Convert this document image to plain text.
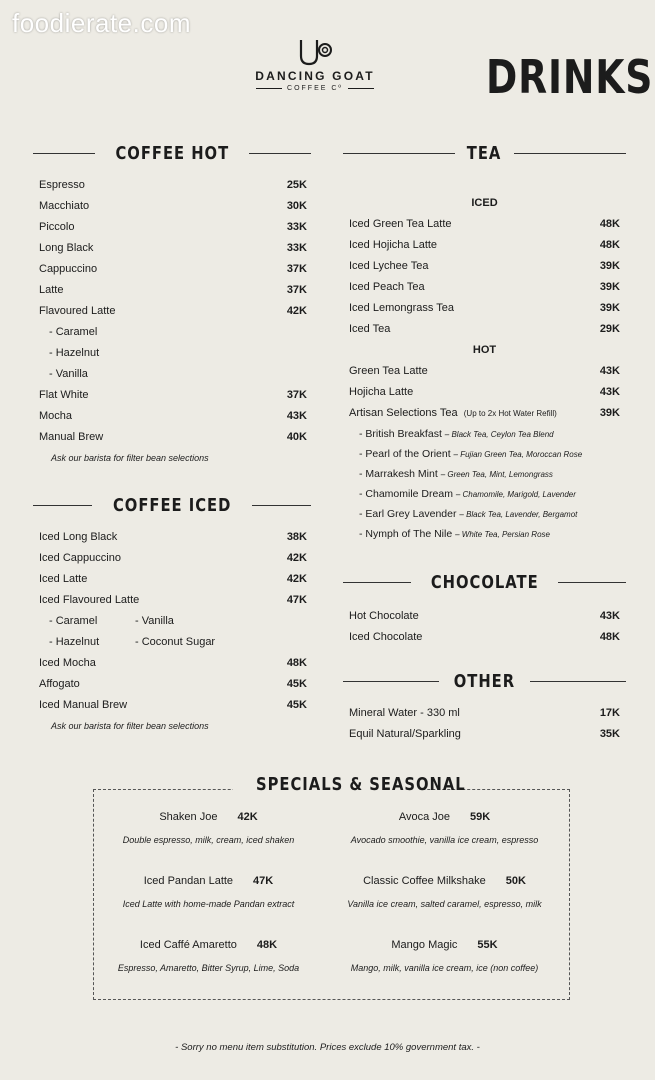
foodierate.com
DANCING GOAT
COFFEE Cº	DRINKS
COFFEE HOT
Espresso	25K
Macchiato	30K
Piccolo	33K
Long Black	33K
Cappuccino	37K
Latte	37K
Flavoured Latte	42K
- Caramel
- Hazelnut
- Vanilla
Flat White	37K
Mocha	43K
Manual Brew	40K
Ask our barista for filter bean selections
COFFEE ICED
Iced Long Black	38K
Iced Cappuccino	42K
Iced Latte	42K
Iced Flavoured Latte	47K
- Caramel	- Vanilla
- Hazelnut	- Coconut Sugar
Iced Mocha	48K
Affogato	45K
Iced Manual Brew	45K
Ask our barista for filter bean selections
TEA
ICED
Iced Green Tea Latte	48K
Iced Hojicha Latte	48K
Iced Lychee Tea	39K
Iced Peach Tea	39K
Iced Lemongrass Tea	39K
Iced Tea	29K
HOT
Green Tea Latte	43K
Hojicha Latte	43K
Artisan Selections Tea (Up to 2x Hot Water Refill)	39K
- British Breakfast – Black Tea, Ceylon Tea Blend
- Pearl of the Orient – Fujian Green Tea, Moroccan Rose
- Marrakesh Mint – Green Tea, Mint, Lemongrass
- Chamomile Dream – Chamomile, Marigold, Lavender
- Earl Grey Lavender – Black Tea, Lavender, Bergamot
- Nymph of The Nile – White Tea, Persian Rose
CHOCOLATE
Hot Chocolate	43K
Iced Chocolate	48K
OTHER
Mineral Water - 330 ml	17K
Equil Natural/Sparkling	35K
SPECIALS & SEASONAL
Shaken Joe 42K
Double espresso, milk, cream, iced shaken
Avoca Joe 59K
Avocado smoothie, vanilla ice cream, espresso
Iced Pandan Latte 47K
Iced Latte with home-made Pandan extract
Classic Coffee Milkshake 50K
Vanilla ice cream, salted caramel, espresso, milk
Iced Caffé Amaretto 48K
Espresso, Amaretto, Bitter Syrup, Lime, Soda
Mango Magic 55K
Mango, milk, vanilla ice cream, ice (non coffee)
- Sorry no menu item substitution. Prices exclude 10% government tax. -
